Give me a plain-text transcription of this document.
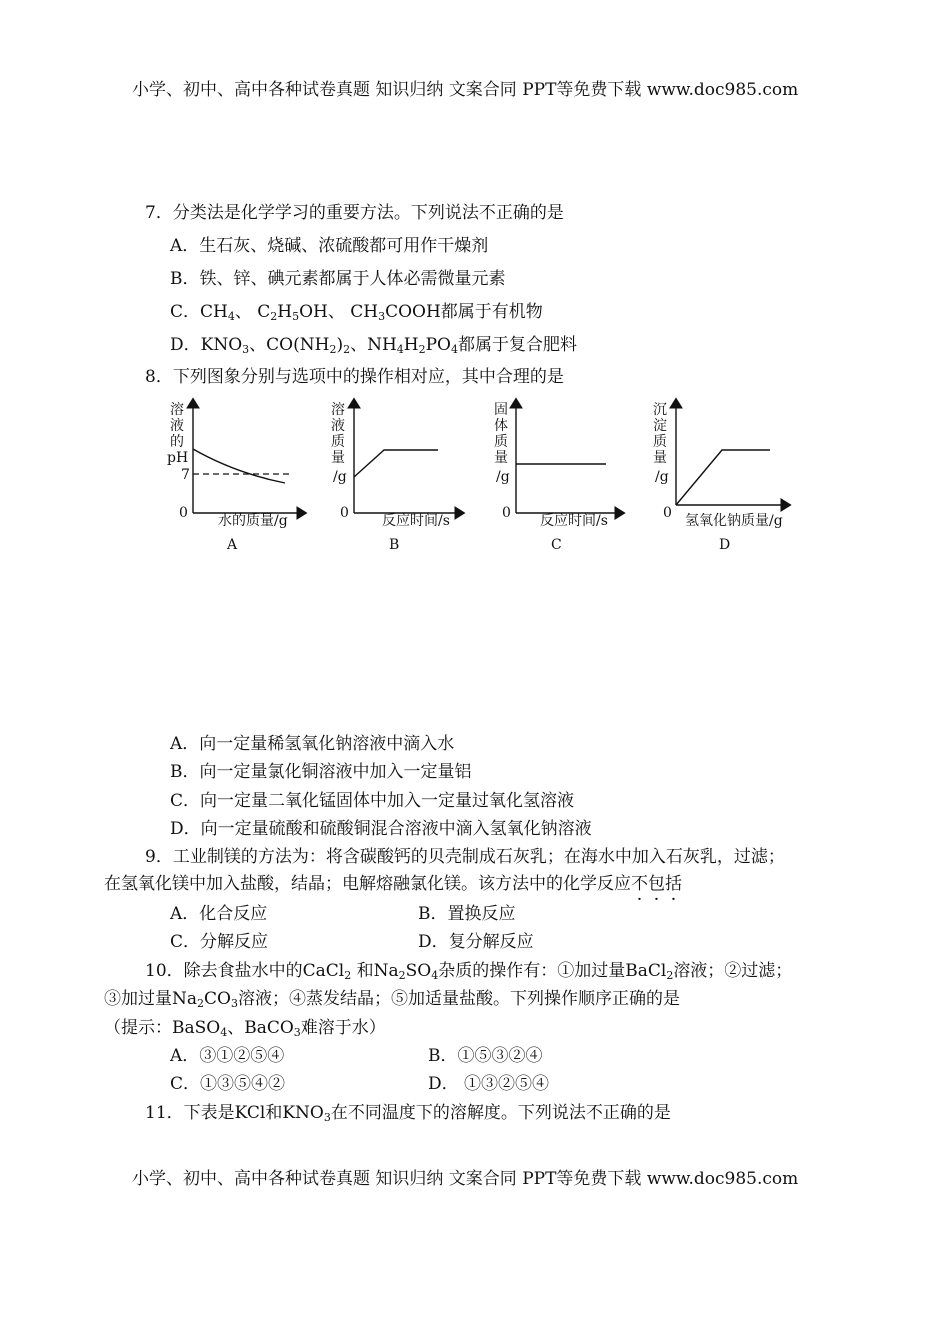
小学、初中、高中各种试卷真题 知识归纳 文案合同 PPT等免费下载 www.doc985.com
7．分类法是化学学习的重要方法。下列说法不正确的是
A．生石灰、烧碱、浓硫酸都可用作干燥剂
B．铁、锌、碘元素都属于人体必需微量元素
C．$CH_4$、 $C_2H_5OH$、 $CH_3COOH$都属于有机物
D．$KNO_3$、$CO(NH_2)_2$、$NH_4H_2PO_4$都属于复合肥料
8．下列图象分别与选项中的操作相对应，其中合理的是
溶
液
的
pH
7
0 水的质量/g
A
溶
液
质
量
/g
0 反应时间/s
B
固
体
质
量
/g
0 反应时间/s
C
沉
淀
质
量
/g
0 氢氧化钠质量/g
D
A．向一定量稀氢氧化钠溶液中滴入水
B．向一定量氯化铜溶液中加入一定量铝
C．向一定量二氧化锰固体中加入一定量过氧化氢溶液
D．向一定量硫酸和硫酸铜混合溶液中滴入氢氧化钠溶液
9．工业制镁的方法为：将含碳酸钙的贝壳制成石灰乳；在海水中加入石灰乳，过滤；
在氢氧化镁中加入盐酸，结晶；电解熔融氯化镁。该方法中的化学反应不包括
A．化合反应	B．置换反应
C．分解反应	D．复分解反应
10．除去食盐水中的CaCl$_2$ 和$Na_2SO_4$杂质的操作有：①加过量BaCl$_2$溶液；②过滤；
③加过量$Na_2CO_3$溶液；④蒸发结晶；⑤加适量盐酸。下列操作顺序正确的是
（提示：BaSO$_4$、BaCO$_3$难溶于水）
A．③①②⑤④	B．①⑤③②④
C．①③⑤④②	D． ①③②⑤④
11．下表是KCl和$KNO_3$在不同温度下的溶解度。下列说法不正确的是
小学、初中、高中各种试卷真题 知识归纳 文案合同 PPT等免费下载 www.doc985.com
